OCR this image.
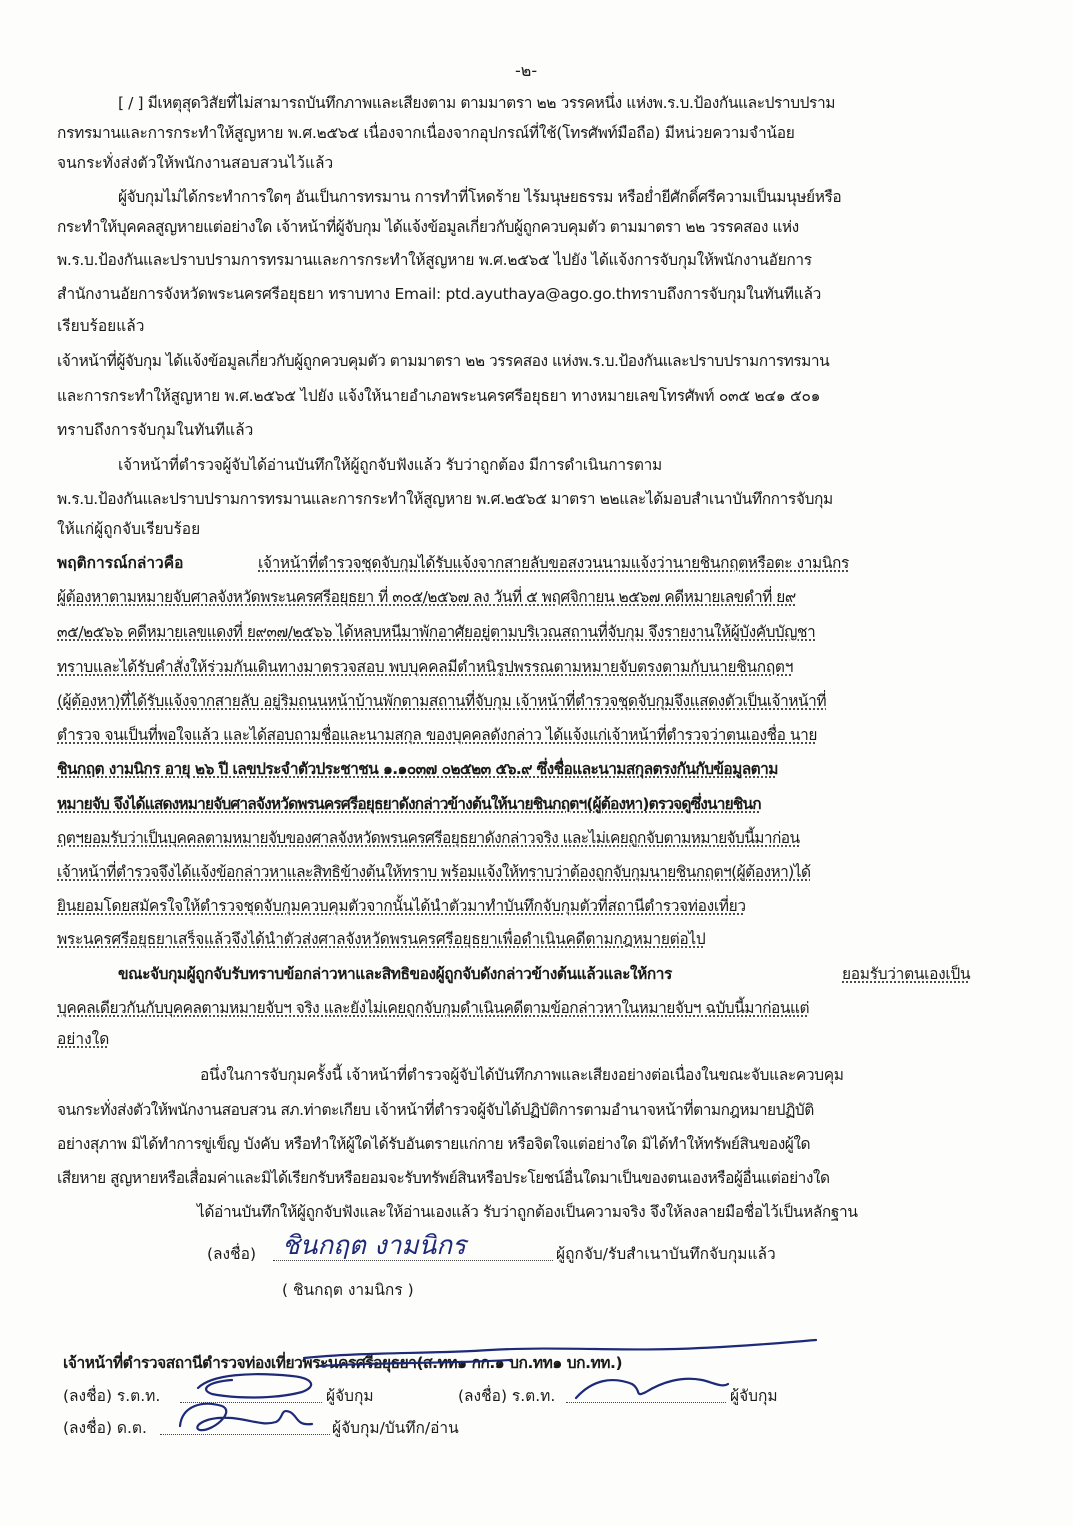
-๒-
[ / ] มีเหตุสุดวิสัยที่ไม่สามารถบันทึกภาพและเสียงตาม ตามมาตรา ๒๒ วรรคหนึ่ง แห่งพ.ร.บ.ป้องกันและปราบปราม
กรทรมานและการกระทำให้สูญหาย พ.ศ.๒๕๖๕ เนื่องจากเนื่องจากอุปกรณ์ที่ใช้(โทรศัพท์มือถือ) มีหน่วยความจำน้อย
จนกระทั่งส่งตัวให้พนักงานสอบสวนไว้แล้ว
ผู้จับกุมไม่ได้กระทำการใดๆ อันเป็นการทรมาน การทำที่โหดร้าย ไร้มนุษยธรรม หรือย่ำยีศักดิ์ศรีความเป็นมนุษย์หรือ
กระทำให้บุคคลสูญหายแต่อย่างใด เจ้าหน้าที่ผู้จับกุม ได้แจ้งข้อมูลเกี่ยวกับผู้ถูกควบคุมตัว ตามมาตรา ๒๒ วรรคสอง แห่ง
พ.ร.บ.ป้องกันและปราบปรามการทรมานและการกระทำให้สูญหาย พ.ศ.๒๕๖๕ ไปยัง ได้แจ้งการจับกุมให้พนักงานอัยการ
สำนักงานอัยการจังหวัดพระนครศรีอยุธยา ทราบทาง Email: ptd.ayuthaya@ago.go.thทราบถึงการจับกุมในทันทีแล้ว
เรียบร้อยแล้ว
เจ้าหน้าที่ผู้จับกุม ได้แจ้งข้อมูลเกี่ยวกับผู้ถูกควบคุมตัว ตามมาตรา ๒๒ วรรคสอง แห่งพ.ร.บ.ป้องกันและปราบปรามการทรมาน
และการกระทำให้สูญหาย พ.ศ.๒๕๖๕ ไปยัง แจ้งให้นายอำเภอพระนครศรีอยุธยา ทางหมายเลขโทรศัพท์ ๐๓๕ ๒๔๑ ๕๐๑
ทราบถึงการจับกุมในทันทีแล้ว
เจ้าหน้าที่ตำรวจผู้จับได้อ่านบันทึกให้ผู้ถูกจับฟังแล้ว รับว่าถูกต้อง มีการดำเนินการตาม
พ.ร.บ.ป้องกันและปราบปรามการทรมานและการกระทำให้สูญหาย พ.ศ.๒๕๖๕ มาตรา ๒๒และได้มอบสำเนาบันทึกการจับกุม
ให้แก่ผู้ถูกจับเรียบร้อย
พฤติการณ์กล่าวคือ	เจ้าหน้าที่ตำรวจชุดจับกุมได้รับแจ้งจากสายลับขอสงวนนามแจ้งว่านายชินกฤตหรือตะ งามนิกร
ผู้ต้องหาตามหมายจับศาลจังหวัดพระนครศรีอยุธยา ที่ ๓๐๕/๒๕๖๗ ลง วันที่ ๕ พฤศจิกายน ๒๕๖๗ คดีหมายเลขดำที่ ย๙
๓๕/๒๕๖๖ คดีหมายเลขแดงที่ ย๙๓๗/๒๕๖๖ ได้หลบหนีมาพักอาศัยอยู่ตามบริเวณสถานที่จับกุม จึงรายงานให้ผู้บังคับบัญชา
ทราบและได้รับคำสั่งให้ร่วมกันเดินทางมาตรวจสอบ พบบุคคลมีตำหนิรูปพรรณตามหมายจับตรงตามกับนายชินกฤตฯ
(ผู้ต้องหา)ที่ได้รับแจ้งจากสายลับ อยู่ริมถนนหน้าบ้านพักตามสถานที่จับกุม เจ้าหน้าที่ตำรวจชุดจับกุมจึงแสดงตัวเป็นเจ้าหน้าที่
ตำรวจ จนเป็นที่พอใจแล้ว และได้สอบถามชื่อและนามสกุล ของบุคคลดังกล่าว ได้แจ้งแก่เจ้าหน้าที่ตำรวจว่าตนเองชื่อ นาย
ชินกฤต งามนิกร อายุ ๒๖ ปี เลขประจำตัวประชาชน ๑.๑๐๓๗ ๐๒๕๒๓ ๕๖.๙ ซึ่งชื่อและนามสกุลตรงกันกับข้อมูลตาม
หมายจับ จึงได้แสดงหมายจับศาลจังหวัดพรนครศรีอยุธยาดังกล่าวข้างต้นให้นายชินกฤตฯ(ผู้ต้องหา)ตรวจดูซึ่งนายชินก
ฤตฯยอมรับว่าเป็นบุคคลตามหมายจับของศาลจังหวัดพรนครศรีอยุธยาดังกล่าวจริง และไม่เคยถูกจับตามหมายจับนี้มาก่อน
เจ้าหน้าที่ตำรวจจึงได้แจ้งข้อกล่าวหาและสิทธิข้างต้นให้ทราบ พร้อมแจ้งให้ทราบว่าต้องถูกจับกุมนายชินกฤตฯ(ผู้ต้องหา)ได้
ยินยอมโดยสมัครใจให้ตำรวจชุดจับกุมควบคุมตัวจากนั้นได้นำตัวมาทำบันทึกจับกุมตัวที่สถานีตำรวจท่องเที่ยว
พระนครศรีอยุธยาเสร็จแล้วจึงได้นำตัวส่งศาลจังหวัดพรนครศรีอยุธยาเพื่อดำเนินคดีตามกฎหมายต่อไป
ขณะจับกุมผู้ถูกจับรับทราบข้อกล่าวหาและสิทธิของผู้ถูกจับดังกล่าวข้างต้นแล้วและให้การ	ยอมรับว่าตนเองเป็น
บุคคลเดียวกันกับบุคคลตามหมายจับฯ จริง และยังไม่เคยถูกจับกุมดำเนินคดีตามข้อกล่าวหาในหมายจับฯ ฉบับนี้มาก่อนแต่
อย่างใด
อนึ่งในการจับกุมครั้งนี้ เจ้าหน้าที่ตำรวจผู้จับได้บันทึกภาพและเสียงอย่างต่อเนื่องในขณะจับและควบคุม
จนกระทั่งส่งตัวให้พนักงานสอบสวน สภ.ท่าตะเกียบ เจ้าหน้าที่ตำรวจผู้จับได้ปฏิบัติการตามอำนาจหน้าที่ตามกฎหมายปฏิบัติ
อย่างสุภาพ มิได้ทำการขู่เข็ญ บังคับ หรือทำให้ผู้ใดได้รับอันตรายแก่กาย หรือจิตใจแต่อย่างใด มิได้ทำให้ทรัพย์สินของผู้ใด
เสียหาย สูญหายหรือเสื่อมค่าและมิได้เรียกรับหรือยอมจะรับทรัพย์สินหรือประโยชน์อื่นใดมาเป็นของตนเองหรือผู้อื่นแต่อย่างใด
ได้อ่านบันทึกให้ผู้ถูกจับฟังและให้อ่านเองแล้ว รับว่าถูกต้องเป็นความจริง จึงให้ลงลายมือชื่อไว้เป็นหลักฐาน
(ลงชื่อ) ชินกฤต งามนิกร	ผู้ถูกจับ/รับสำเนาบันทึกจับกุมแล้ว
( ชินกฤต งามนิกร )
เจ้าหน้าที่ตำรวจสถานีตำรวจท่องเที่ยวพระนครศรีอยุธยา(ส.ทท๑ กก.๑ บก.ทท๑ บก.ทท.)
(ลงชื่อ) ร.ต.ท.	ผู้จับกุม	(ลงชื่อ) ร.ต.ท.	ผู้จับกุม
(ลงชื่อ) ด.ต.	ผู้จับกุม/บันทึก/อ่าน
